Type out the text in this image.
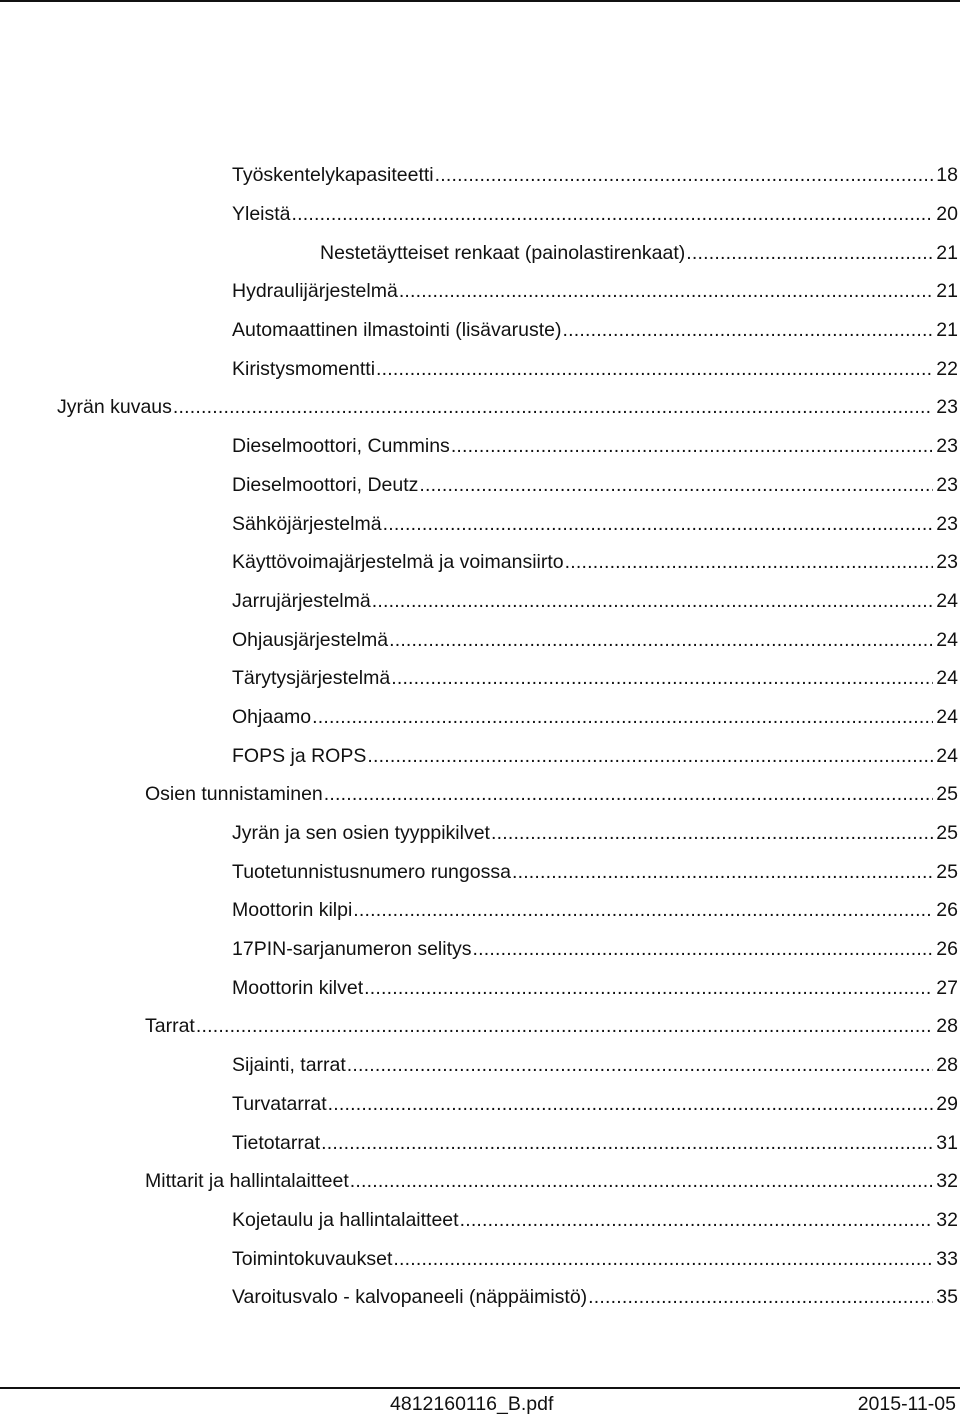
Työskentelykapasiteetti .....	18
Yleistä .....	20
Nestetäytteiset renkaat (painolastirenkaat) .....	21
Hydraulijärjestelmä .....	21
Automaattinen ilmastointi (lisävaruste) .....	21
Kiristysmomentti .....	22
Jyrän kuvaus .....	23
Dieselmoottori, Cummins .....	23
Dieselmoottori, Deutz .....	23
Sähköjärjestelmä .....	23
Käyttövoimajärjestelmä ja voimansiirto .....	23
Jarrujärjestelmä .....	24
Ohjausjärjestelmä .....	24
Tärytysjärjestelmä .....	24
Ohjaamo .....	24
FOPS ja ROPS .....	24
Osien tunnistaminen .....	25
Jyrän ja sen osien tyyppikilvet .....	25
Tuotetunnistusnumero rungossa .....	25
Moottorin kilpi .....	26
17PIN-sarjanumeron selitys .....	26
Moottorin kilvet .....	27
Tarrat .....	28
Sijainti, tarrat .....	28
Turvatarrat .....	29
Tietotarrat .....	31
Mittarit ja hallintalaitteet .....	32
Kojetaulu ja hallintalaitteet .....	32
Toimintokuvaukset .....	33
Varoitusvalo - kalvopaneeli (näppäimistö) .....	35
4812160116_B.pdf	2015-11-05
